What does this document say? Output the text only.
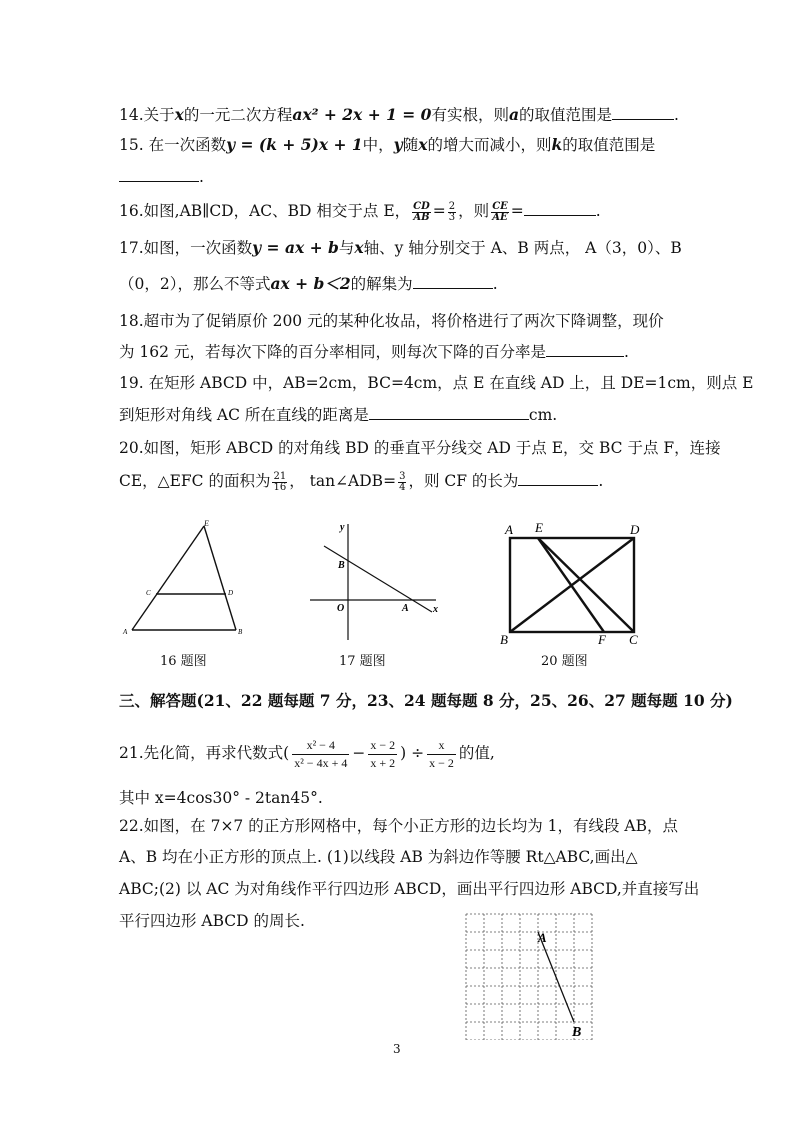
14.关于x的一元二次方程ax² + 2x + 1 = 0有实根，则a的取值范围是	.
15. 在一次函数y = (k + 5)x + 1中，y随x的增大而减小，则k的取值范围是
.
16.如图,AB∥CD，AC、BD 相交于点 E， $\frac{CD}{AB} = \frac{2}{3}$ ，则 $\frac{CE}{AE}$ =	.
17.如图，一次函数y = ax + b与x轴、y 轴分别交于 A、B 两点， A（3，0）、B
（0，2），那么不等式ax + b＜2的解集为	.
18.超市为了促销原价 200 元的某种化妆品，将价格进行了两次下降调整，现价
为 162 元，若每次下降的百分率相同，则每次下降的百分率是	.
19. 在矩形 ABCD 中，AB=2cm，BC=4cm，点 E 在直线 AD 上，且 DE=1cm，则点 E
到矩形对角线 AC 所在直线的距离是	cm.
20.如图，矩形 ABCD 的对角线 BD 的垂直平分线交 AD 于点 E，交 BC 于点 F，连接
CE，△EFC 的面积为 $\frac{21}{16}$ ， tan∠ADB= $\frac{3}{4}$ ，则 CF 的长为	.
E
C	D
A	B
16 题图
y
B
O	A x
17 题图
A E	D
B	F C
20 题图
三、解答题(21、22 题每题 7 分，23、24 题每题 8 分，25、26、27 题每题 10 分)
21.先化简，再求代数式( $\frac{\text{x² − 4}}{\text{x² − 4x + 4}} - \frac{x - 2}{x + 2}$ ) ÷ $\frac{x}{x - 2}$ 的值,
其中 x=4cos30° - 2tan45°.
22.如图，在 7×7 的正方形网格中，每个小正方形的边长均为 1，有线段 AB，点
A、B 均在小正方形的顶点上. (1)以线段 AB 为斜边作等腰 Rt△ABC,画出△
ABC;(2) 以 AC 为对角线作平行四边形 ABCD，画出平行四边形 ABCD,并直接写出
平行四边形 ABCD 的周长.
A
B
3
